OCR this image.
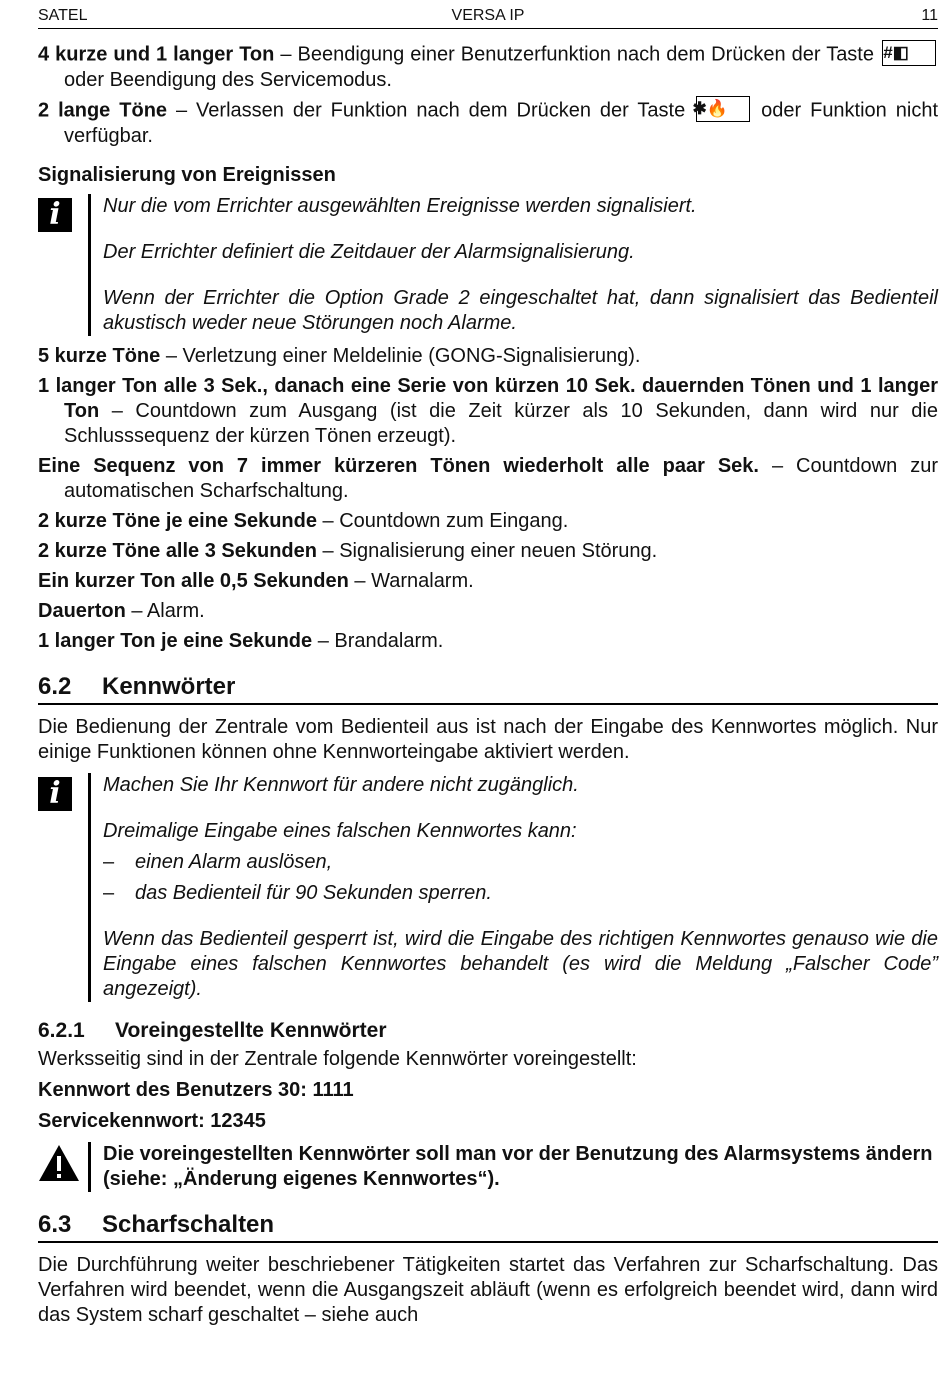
SATEL	VERSA IP	11

4 kurze und 1 langer Ton – Beendigung einer Benutzerfunktion nach dem Drücken der Taste #◧ oder Beendigung des Servicemodus.

2 lange Töne – Verlassen der Funktion nach dem Drücken der Taste ✱🔥 oder Funktion nicht verfügbar.

Signalisierung von Ereignissen

i	Nur die vom Errichter ausgewählten Ereignisse werden signalisiert.

Der Errichter definiert die Zeitdauer der Alarmsignalisierung.

Wenn der Errichter die Option Grade 2 eingeschaltet hat, dann signalisiert das Bedienteil akustisch weder neue Störungen noch Alarme.

5 kurze Töne – Verletzung einer Meldelinie (GONG-Signalisierung).

1 langer Ton alle 3 Sek., danach eine Serie von kürzen 10 Sek. dauernden Tönen und 1 langer Ton – Countdown zum Ausgang (ist die Zeit kürzer als 10 Sekunden, dann wird nur die Schlusssequenz der kürzen Tönen erzeugt).

Eine Sequenz von 7 immer kürzeren Tönen wiederholt alle paar Sek. – Countdown zur automatischen Scharfschaltung.

2 kurze Töne je eine Sekunde – Countdown zum Eingang.

2 kurze Töne alle 3 Sekunden – Signalisierung einer neuen Störung.

Ein kurzer Ton alle 0,5 Sekunden – Warnalarm.

Dauerton – Alarm.

1 langer Ton je eine Sekunde – Brandalarm.

6.2 Kennwörter

Die Bedienung der Zentrale vom Bedienteil aus ist nach der Eingabe des Kennwortes möglich. Nur einige Funktionen können ohne Kennworteingabe aktiviert werden.

i	Machen Sie Ihr Kennwort für andere nicht zugänglich.

Dreimalige Eingabe eines falschen Kennwortes kann:

–	einen Alarm auslösen,
–	das Bedienteil für 90 Sekunden sperren.

Wenn das Bedienteil gesperrt ist, wird die Eingabe des richtigen Kennwortes genauso wie die Eingabe eines falschen Kennwortes behandelt (es wird die Meldung „Falscher Code” angezeigt).

6.2.1 Voreingestellte Kennwörter

Werksseitig sind in der Zentrale folgende Kennwörter voreingestellt:

Kennwort des Benutzers 30: 1111

Servicekennwort: 12345

Die voreingestellten Kennwörter soll man vor der Benutzung des Alarmsystems ändern (siehe: „Änderung eigenes Kennwortes“).

6.3 Scharfschalten

Die Durchführung weiter beschriebener Tätigkeiten startet das Verfahren zur Scharfschaltung. Das Verfahren wird beendet, wenn die Ausgangszeit abläuft (wenn es erfolgreich beendet wird, dann wird das System scharf geschaltet – siehe auch
